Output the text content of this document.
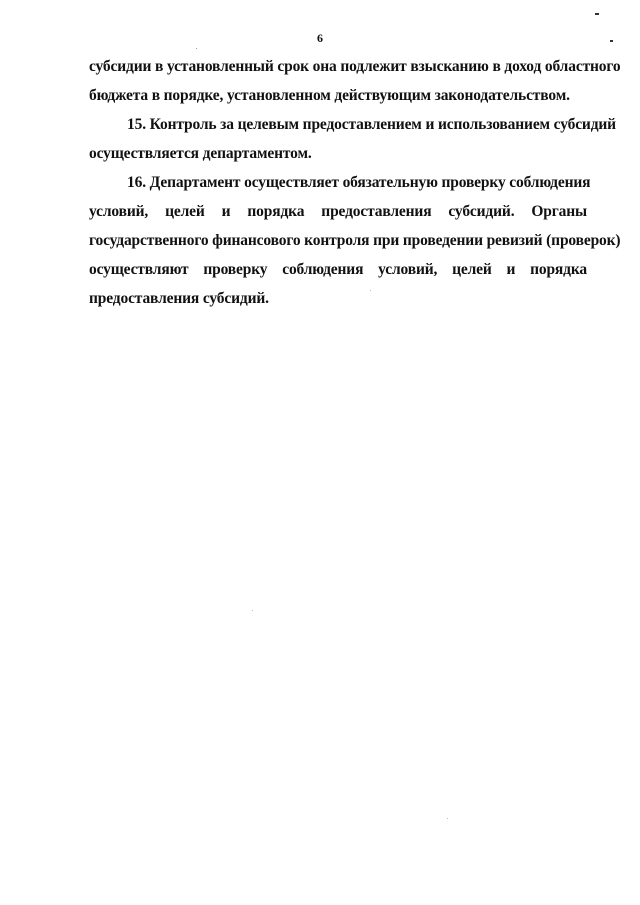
6

субсидии в установленный срок она подлежит взысканию в доход областного
бюджета в порядке, установленном действующим законодательством.

15. Контроль за целевым предоставлением и использованием субсидий
осуществляется департаментом.

16. Департамент осуществляет обязательную проверку соблюдения
условий, целей и порядка предоставления субсидий. Органы
государственного финансового контроля при проведении ревизий (проверок)
осуществляют проверку соблюдения условий, целей и порядка
предоставления субсидий.
